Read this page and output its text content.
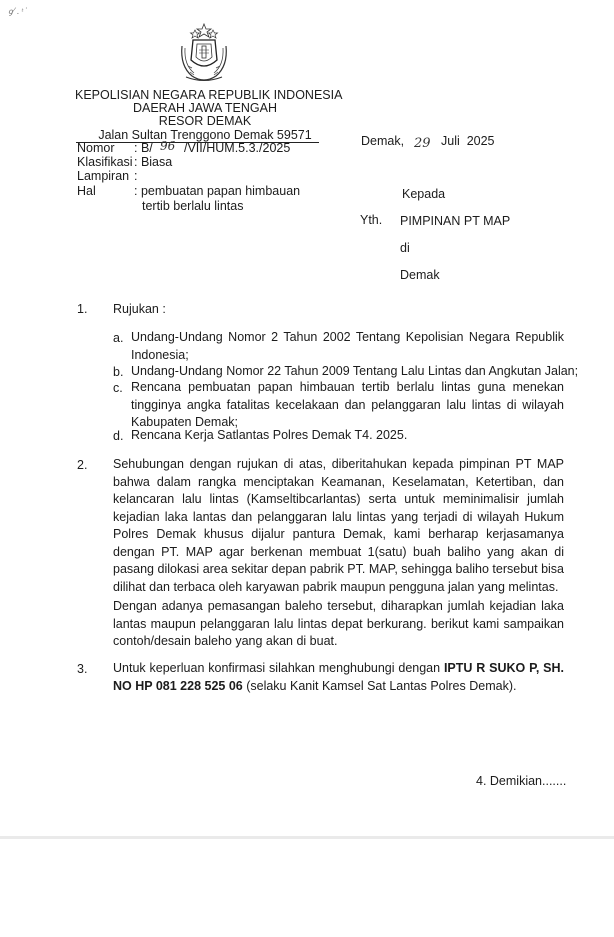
ꝯ⁄ . ᵗ˙
KEPOLISIAN NEGARA REPUBLIK INDONESIA
DAERAH JAWA TENGAH
RESOR DEMAK
Jalan Sultan Trenggono Demak 59571
Nomor : B/ 96 /VII/HUM.5.3./2025
Klasifikasi : Biasa
Lampiran :
Hal	: pembuatan papan himbauan
tertib berlalu lintas
Demak, 29 Juli  2025
Kepada
Yth. PIMPINAN PT MAP
di
Demak
1. Rujukan :
a. Undang-Undang Nomor 2 Tahun 2002 Tentang Kepolisian Negara Republik Indonesia;
b. Undang-Undang Nomor 22 Tahun 2009 Tentang Lalu Lintas dan Angkutan Jalan;
c. Rencana pembuatan papan himbauan tertib berlalu lintas guna menekan tingginya angka fatalitas kecelakaan dan pelanggaran lalu lintas di wilayah Kabupaten Demak;
d. Rencana Kerja Satlantas Polres Demak T4. 2025.
2. Sehubungan dengan rujukan di atas, diberitahukan kepada pimpinan PT MAP bahwa dalam rangka menciptakan Keamanan, Keselamatan, Ketertiban, dan kelancaran lalu lintas (Kamseltibcarlantas) serta untuk meminimalisir jumlah kejadian laka lantas dan pelanggaran lalu lintas yang terjadi di wilayah Hukum Polres Demak khusus dijalur pantura Demak, kami berharap kerjasamanya dengan PT. MAP agar berkenan membuat 1(satu) buah baliho yang akan di pasang dilokasi area sekitar depan pabrik PT. MAP, sehingga baliho tersebut bisa dilihat dan terbaca oleh karyawan pabrik maupun pengguna jalan yang melintas.
Dengan adanya pemasangan baleho tersebut, diharapkan jumlah kejadian laka lantas maupun pelanggaran lalu lintas depat berkurang. berikut kami sampaikan contoh/desain baleho yang akan di buat.
3. Untuk keperluan konfirmasi silahkan menghubungi dengan IPTU R SUKO P, SH. NO HP 081 228 525 06 (selaku Kanit Kamsel Sat Lantas Polres Demak).
4. Demikian.......
